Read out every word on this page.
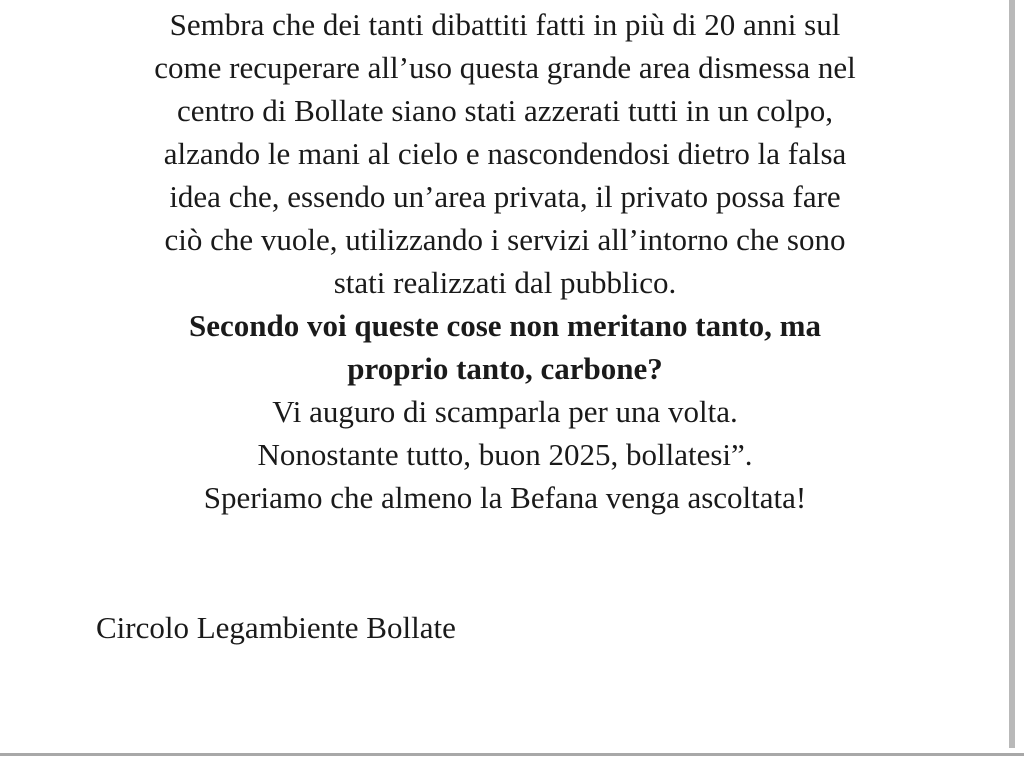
Sembra che dei tanti dibattiti fatti in più di 20 anni sul
come recuperare all’uso questa grande area dismessa nel
centro di Bollate siano stati azzerati tutti in un colpo,
alzando le mani al cielo e nascondendosi dietro la falsa
idea che, essendo un’area privata, il privato possa fare
ciò che vuole, utilizzando i servizi all’intorno che sono
stati realizzati dal pubblico.
Secondo voi queste cose non meritano tanto, ma
proprio tanto, carbone?
Vi auguro di scamparla per una volta.
Nonostante tutto, buon 2025, bollatesi”.
Speriamo che almeno la Befana venga ascoltata!
Circolo Legambiente Bollate
